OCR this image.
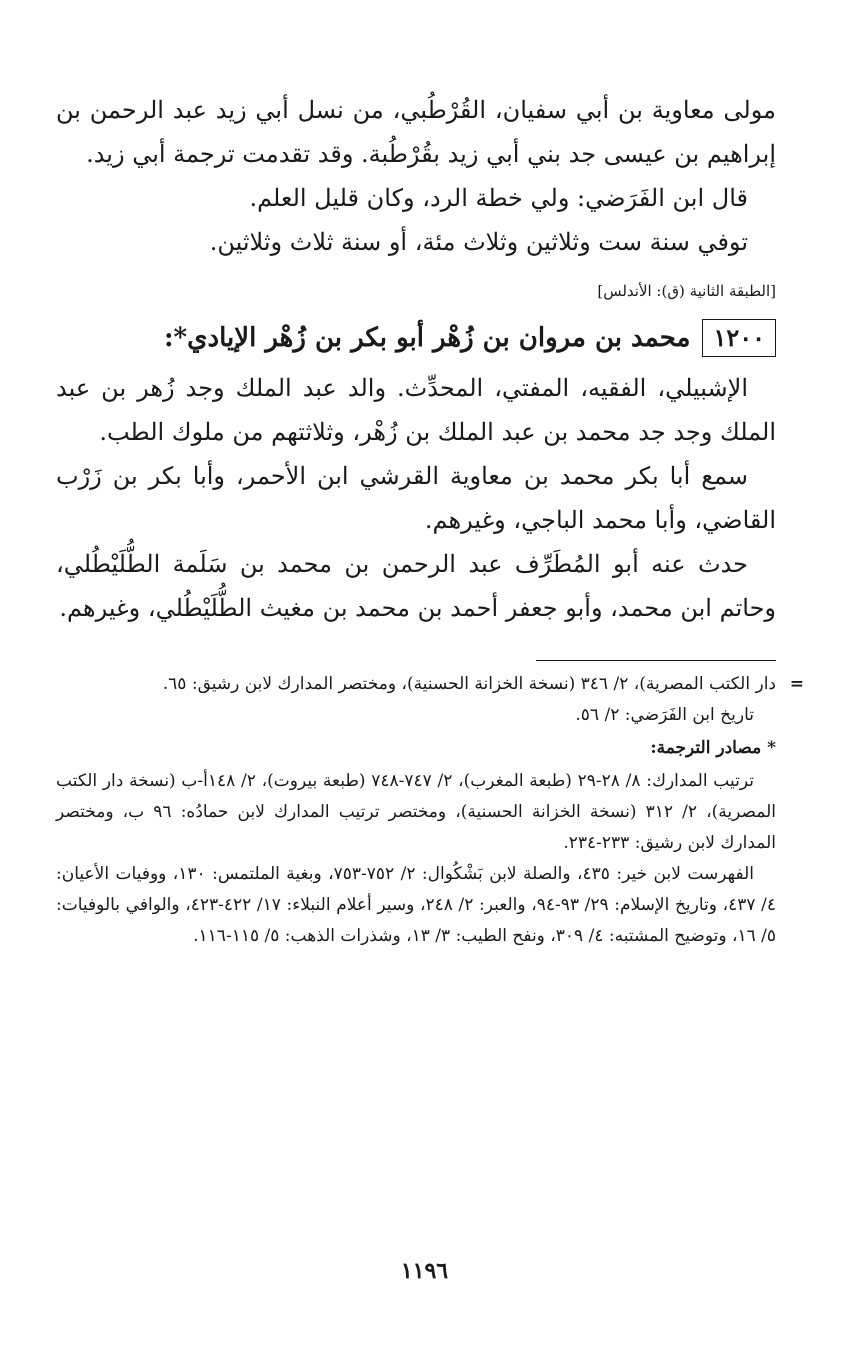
مولى معاوية بن أبي سفيان، القُرْطُبي، من نسل أبي زيد عبد الرحمن بن إبراهيم بن عيسى جد بني أبي زيد بقُرْطُبة. وقد تقدمت ترجمة أبي زيد.

قال ابن الفَرَضي: ولي خطة الرد، وكان قليل العلم.

توفي سنة ست وثلاثين وثلاث مئة، أو سنة ثلاث وثلاثين.

[الطبقة الثانية (ق): الأندلس]
١٢٠٠
محمد بن مروان بن زُهْر أبو بكر بن زُهْر الإيادي*:

الإشبيلي، الفقيه، المفتي، المحدِّث. والد عبد الملك وجد زُهر بن عبد الملك وجد جد محمد بن عبد الملك بن زُهْر، وثلاثتهم من ملوك الطب.

سمع أبا بكر محمد بن معاوية القرشي ابن الأحمر، وأبا بكر بن زَرْب القاضي، وأبا محمد الباجي، وغيرهم.

حدث عنه أبو المُطَرِّف عبد الرحمن بن محمد بن سَلَمة الطُّلَيْطُلي، وحاتم ابن محمد، وأبو جعفر أحمد بن محمد بن مغيث الطُّلَيْطُلي، وغيرهم.

=

دار الكتب المصرية)، ٢/ ٣٤٦ (نسخة الخزانة الحسنية)، ومختصر المدارك لابن رشيق: ٦٥.

تاريخ ابن الفَرَضي: ٢/ ٥٦.

* مصادر الترجمة:

ترتيب المدارك: ٨/ ٢٨-٢٩ (طبعة المغرب)، ٢/ ٧٤٧-٧٤٨ (طبعة بيروت)، ٢/ ١٤٨أ-ب (نسخة دار الكتب المصرية)، ٢/ ٣١٢ (نسخة الخزانة الحسنية)، ومختصر ترتيب المدارك لابن حمادُه: ٩٦ ب، ومختصر المدارك لابن رشيق: ٢٣٣-٢٣٤.

الفهرست لابن خير: ٤٣٥، والصلة لابن بَشْكُوال: ٢/ ٧٥٢-٧٥٣، وبغية الملتمس: ١٣٠، ووفيات الأعيان: ٤/ ٤٣٧، وتاريخ الإسلام: ٢٩/ ٩٣-٩٤، والعبر: ٢/ ٢٤٨، وسير أعلام النبلاء: ١٧/ ٤٢٢-٤٢٣، والوافي بالوفيات: ٥/ ١٦، وتوضيح المشتبه: ٤/ ٣٠٩، ونفح الطيب: ٣/ ١٣، وشذرات الذهب: ٥/ ١١٥-١١٦.

١١٩٦
